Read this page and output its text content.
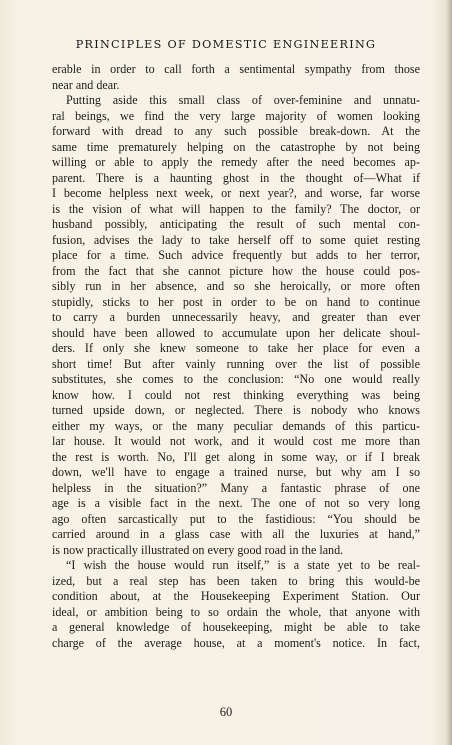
PRINCIPLES OF DOMESTIC ENGINEERING
erable in order to call forth a sentimental sympathy from those
near and dear.
Putting aside this small class of over-feminine and unnatu-
ral beings, we find the very large majority of women looking
forward with dread to any such possible break-down. At the
same time prematurely helping on the catastrophe by not being
willing or able to apply the remedy after the need becomes ap-
parent. There is a haunting ghost in the thought of—What if
I become helpless next week, or next year?, and worse, far worse
is the vision of what will happen to the family? The doctor, or
husband possibly, anticipating the result of such mental con-
fusion, advises the lady to take herself off to some quiet resting
place for a time. Such advice frequently but adds to her terror,
from the fact that she cannot picture how the house could pos-
sibly run in her absence, and so she heroically, or more often
stupidly, sticks to her post in order to be on hand to continue
to carry a burden unnecessarily heavy, and greater than ever
should have been allowed to accumulate upon her delicate shoul-
ders. If only she knew someone to take her place for even a
short time! But after vainly running over the list of possible
substitutes, she comes to the conclusion: “No one would really
know how. I could not rest thinking everything was being
turned upside down, or neglected. There is nobody who knows
either my ways, or the many peculiar demands of this particu-
lar house. It would not work, and it would cost me more than
the rest is worth. No, I'll get along in some way, or if I break
down, we'll have to engage a trained nurse, but why am I so
helpless in the situation?” Many a fantastic phrase of one
age is a visible fact in the next. The one of not so very long
ago often sarcastically put to the fastidious: “You should be
carried around in a glass case with all the luxuries at hand,”
is now practically illustrated on every good road in the land.
“I wish the house would run itself,” is a state yet to be real-
ized, but a real step has been taken to bring this would-be
condition about, at the Housekeeping Experiment Station. Our
ideal, or ambition being to so ordain the whole, that anyone with
a general knowledge of housekeeping, might be able to take
charge of the average house, at a moment's notice. In fact,
60
